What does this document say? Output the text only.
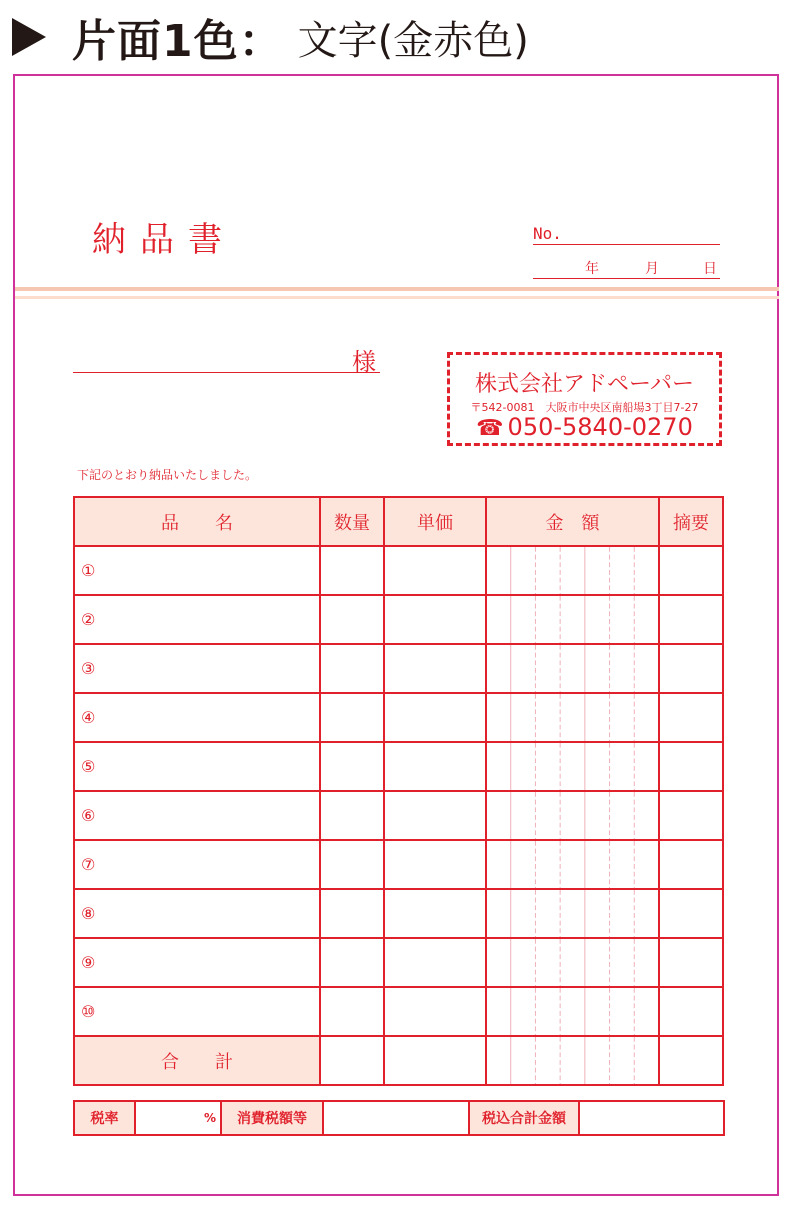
片面1色： 文字(金赤色)
納品書	No.
年	月	日
様
株式会社アドペーパー
〒542-0081　大阪市中央区南船場3丁目7-27
☎ 050-5840-0270
下記のとおり納品いたしました。
品　　名	数量	単価	金　額	摘要
①			

②			

③			

④			

⑤			

⑥			

⑦			

⑧			

⑨			

⑩			

合　　計			

税率	%	消費税額等		税込合計金額	
